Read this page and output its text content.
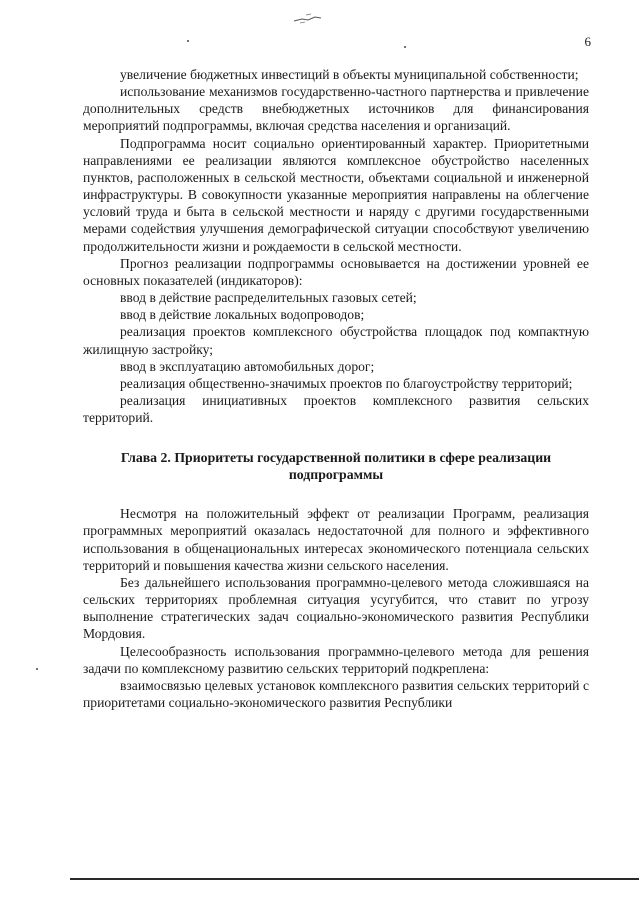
6

увеличение бюджетных инвестиций в объекты муниципальной собственности;

использование механизмов государственно-частного партнерства и привлечение дополнительных средств внебюджетных источников для финансирования мероприятий подпрограммы, включая средства населения и организаций.

Подпрограмма носит социально ориентированный характер. Приоритетными направлениями ее реализации являются комплексное обустройство населенных пунктов, расположенных в сельской местности, объектами социальной и инженерной инфраструктуры. В совокупности указанные мероприятия направлены на облегчение условий труда и быта в сельской местности и наряду с другими государственными мерами содействия улучшения демографической ситуации способствуют увеличению продолжительности жизни и рождаемости в сельской местности.

Прогноз реализации подпрограммы основывается на достижении уровней ее основных показателей (индикаторов):

ввод в действие распределительных газовых сетей;

ввод в действие локальных водопроводов;

реализация проектов комплексного обустройства площадок под компактную жилищную застройку;

ввод в эксплуатацию автомобильных дорог;

реализация общественно-значимых проектов по благоустройству территорий;

реализация инициативных проектов комплексного развития сельских территорий.

Глава 2. Приоритеты государственной политики в сфере реализации подпрограммы

Несмотря на положительный эффект от реализации Программ, реализация программных мероприятий оказалась недостаточной для полного и эффективного использования в общенациональных интересах экономического потенциала сельских территорий и повышения качества жизни сельского населения.

Без дальнейшего использования программно-целевого метода сложившаяся на сельских территориях проблемная ситуация усугубится, что ставит по угрозу выполнение стратегических задач социально-экономического развития Республики Мордовия.

Целесообразность использования программно-целевого метода для решения задачи по комплексному развитию сельских территорий подкреплена:

взаимосвязью целевых установок комплексного развития сельских территорий с приоритетами социально-экономического развития Республики
